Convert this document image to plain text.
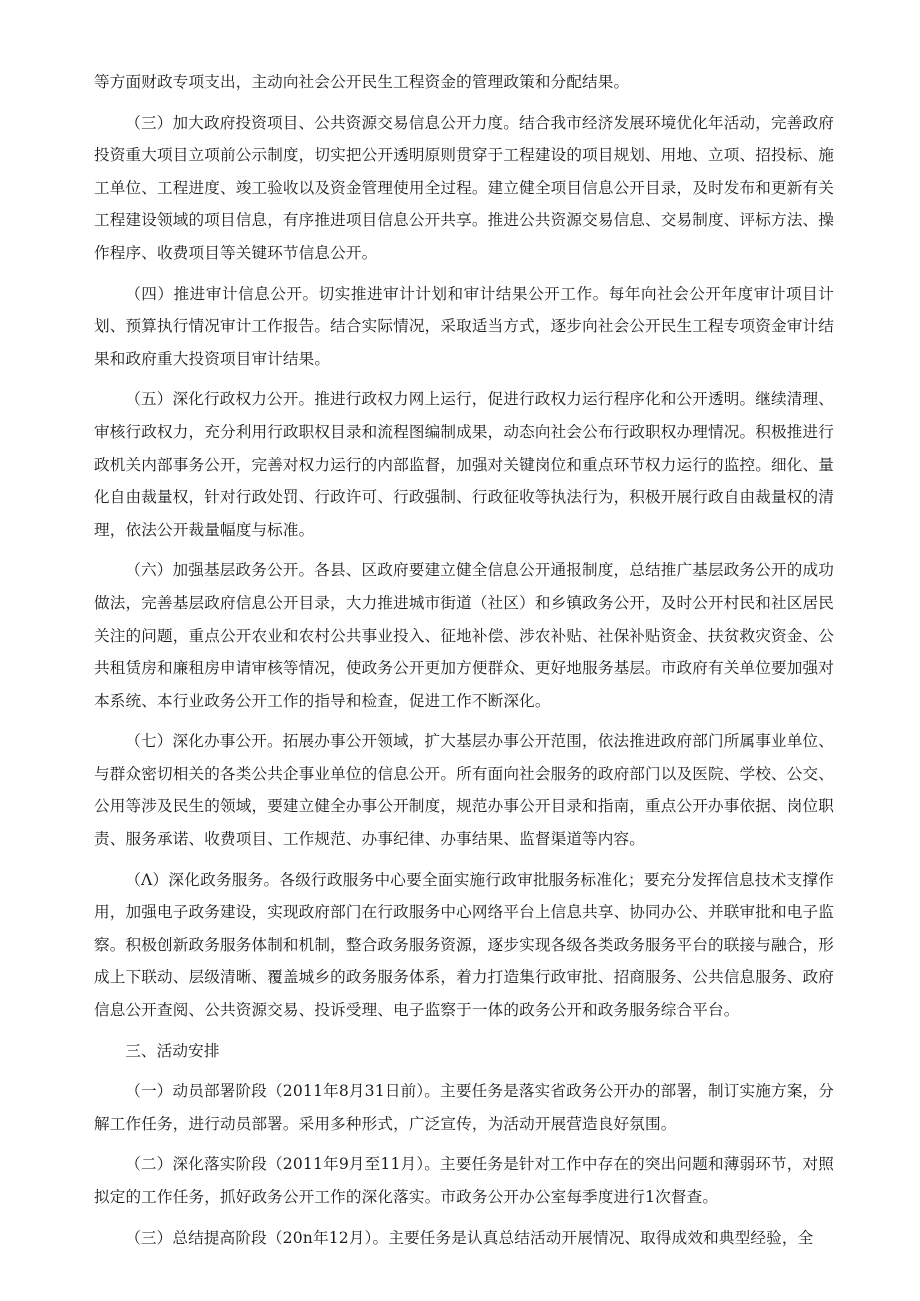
等方面财政专项支出，主动向社会公开民生工程资金的管理政策和分配结果。

（三）加大政府投资项目、公共资源交易信息公开力度。结合我市经济发展环境优化年活动，完善政府投资重大项目立项前公示制度，切实把公开透明原则贯穿于工程建设的项目规划、用地、立项、招投标、施工单位、工程进度、竣工验收以及资金管理使用全过程。建立健全项目信息公开目录，及时发布和更新有关工程建设领域的项目信息，有序推进项目信息公开共享。推进公共资源交易信息、交易制度、评标方法、操作程序、收费项目等关键环节信息公开。

（四）推进审计信息公开。切实推进审计计划和审计结果公开工作。每年向社会公开年度审计项目计划、预算执行情况审计工作报告。结合实际情况，采取适当方式，逐步向社会公开民生工程专项资金审计结果和政府重大投资项目审计结果。

（五）深化行政权力公开。推进行政权力网上运行，促进行政权力运行程序化和公开透明。继续清理、审核行政权力，充分利用行政职权目录和流程图编制成果，动态向社会公布行政职权办理情况。积极推进行政机关内部事务公开，完善对权力运行的内部监督，加强对关键岗位和重点环节权力运行的监控。细化、量化自由裁量权，针对行政处罚、行政许可、行政强制、行政征收等执法行为，积极开展行政自由裁量权的清理，依法公开裁量幅度与标准。

（六）加强基层政务公开。各县、区政府要建立健全信息公开通报制度，总结推广基层政务公开的成功做法，完善基层政府信息公开目录，大力推进城市街道（社区）和乡镇政务公开，及时公开村民和社区居民关注的问题，重点公开农业和农村公共事业投入、征地补偿、涉农补贴、社保补贴资金、扶贫救灾资金、公共租赁房和廉租房申请审核等情况，使政务公开更加方便群众、更好地服务基层。市政府有关单位要加强对本系统、本行业政务公开工作的指导和检查，促进工作不断深化。

（七）深化办事公开。拓展办事公开领域，扩大基层办事公开范围，依法推进政府部门所属事业单位、与群众密切相关的各类公共企事业单位的信息公开。所有面向社会服务的政府部门以及医院、学校、公交、公用等涉及民生的领域，要建立健全办事公开制度，规范办事公开目录和指南，重点公开办事依据、岗位职责、服务承诺、收费项目、工作规范、办事纪律、办事结果、监督渠道等内容。

（Λ）深化政务服务。各级行政服务中心要全面实施行政审批服务标准化；要充分发挥信息技术支撑作用，加强电子政务建设，实现政府部门在行政服务中心网络平台上信息共享、协同办公、并联审批和电子监察。积极创新政务服务体制和机制，整合政务服务资源，逐步实现各级各类政务服务平台的联接与融合，形成上下联动、层级清晰、覆盖城乡的政务服务体系，着力打造集行政审批、招商服务、公共信息服务、政府信息公开查阅、公共资源交易、投诉受理、电子监察于一体的政务公开和政务服务综合平台。

三、活动安排

（一）动员部署阶段（2011年8月31日前）。主要任务是落实省政务公开办的部署，制订实施方案，分解工作任务，进行动员部署。采用多种形式，广泛宣传，为活动开展营造良好氛围。

（二）深化落实阶段（2011年9月至11月）。主要任务是针对工作中存在的突出问题和薄弱环节，对照拟定的工作任务，抓好政务公开工作的深化落实。市政务公开办公室每季度进行1次督查。

（三）总结提高阶段（20n年12月）。主要任务是认真总结活动开展情况、取得成效和典型经验，全
